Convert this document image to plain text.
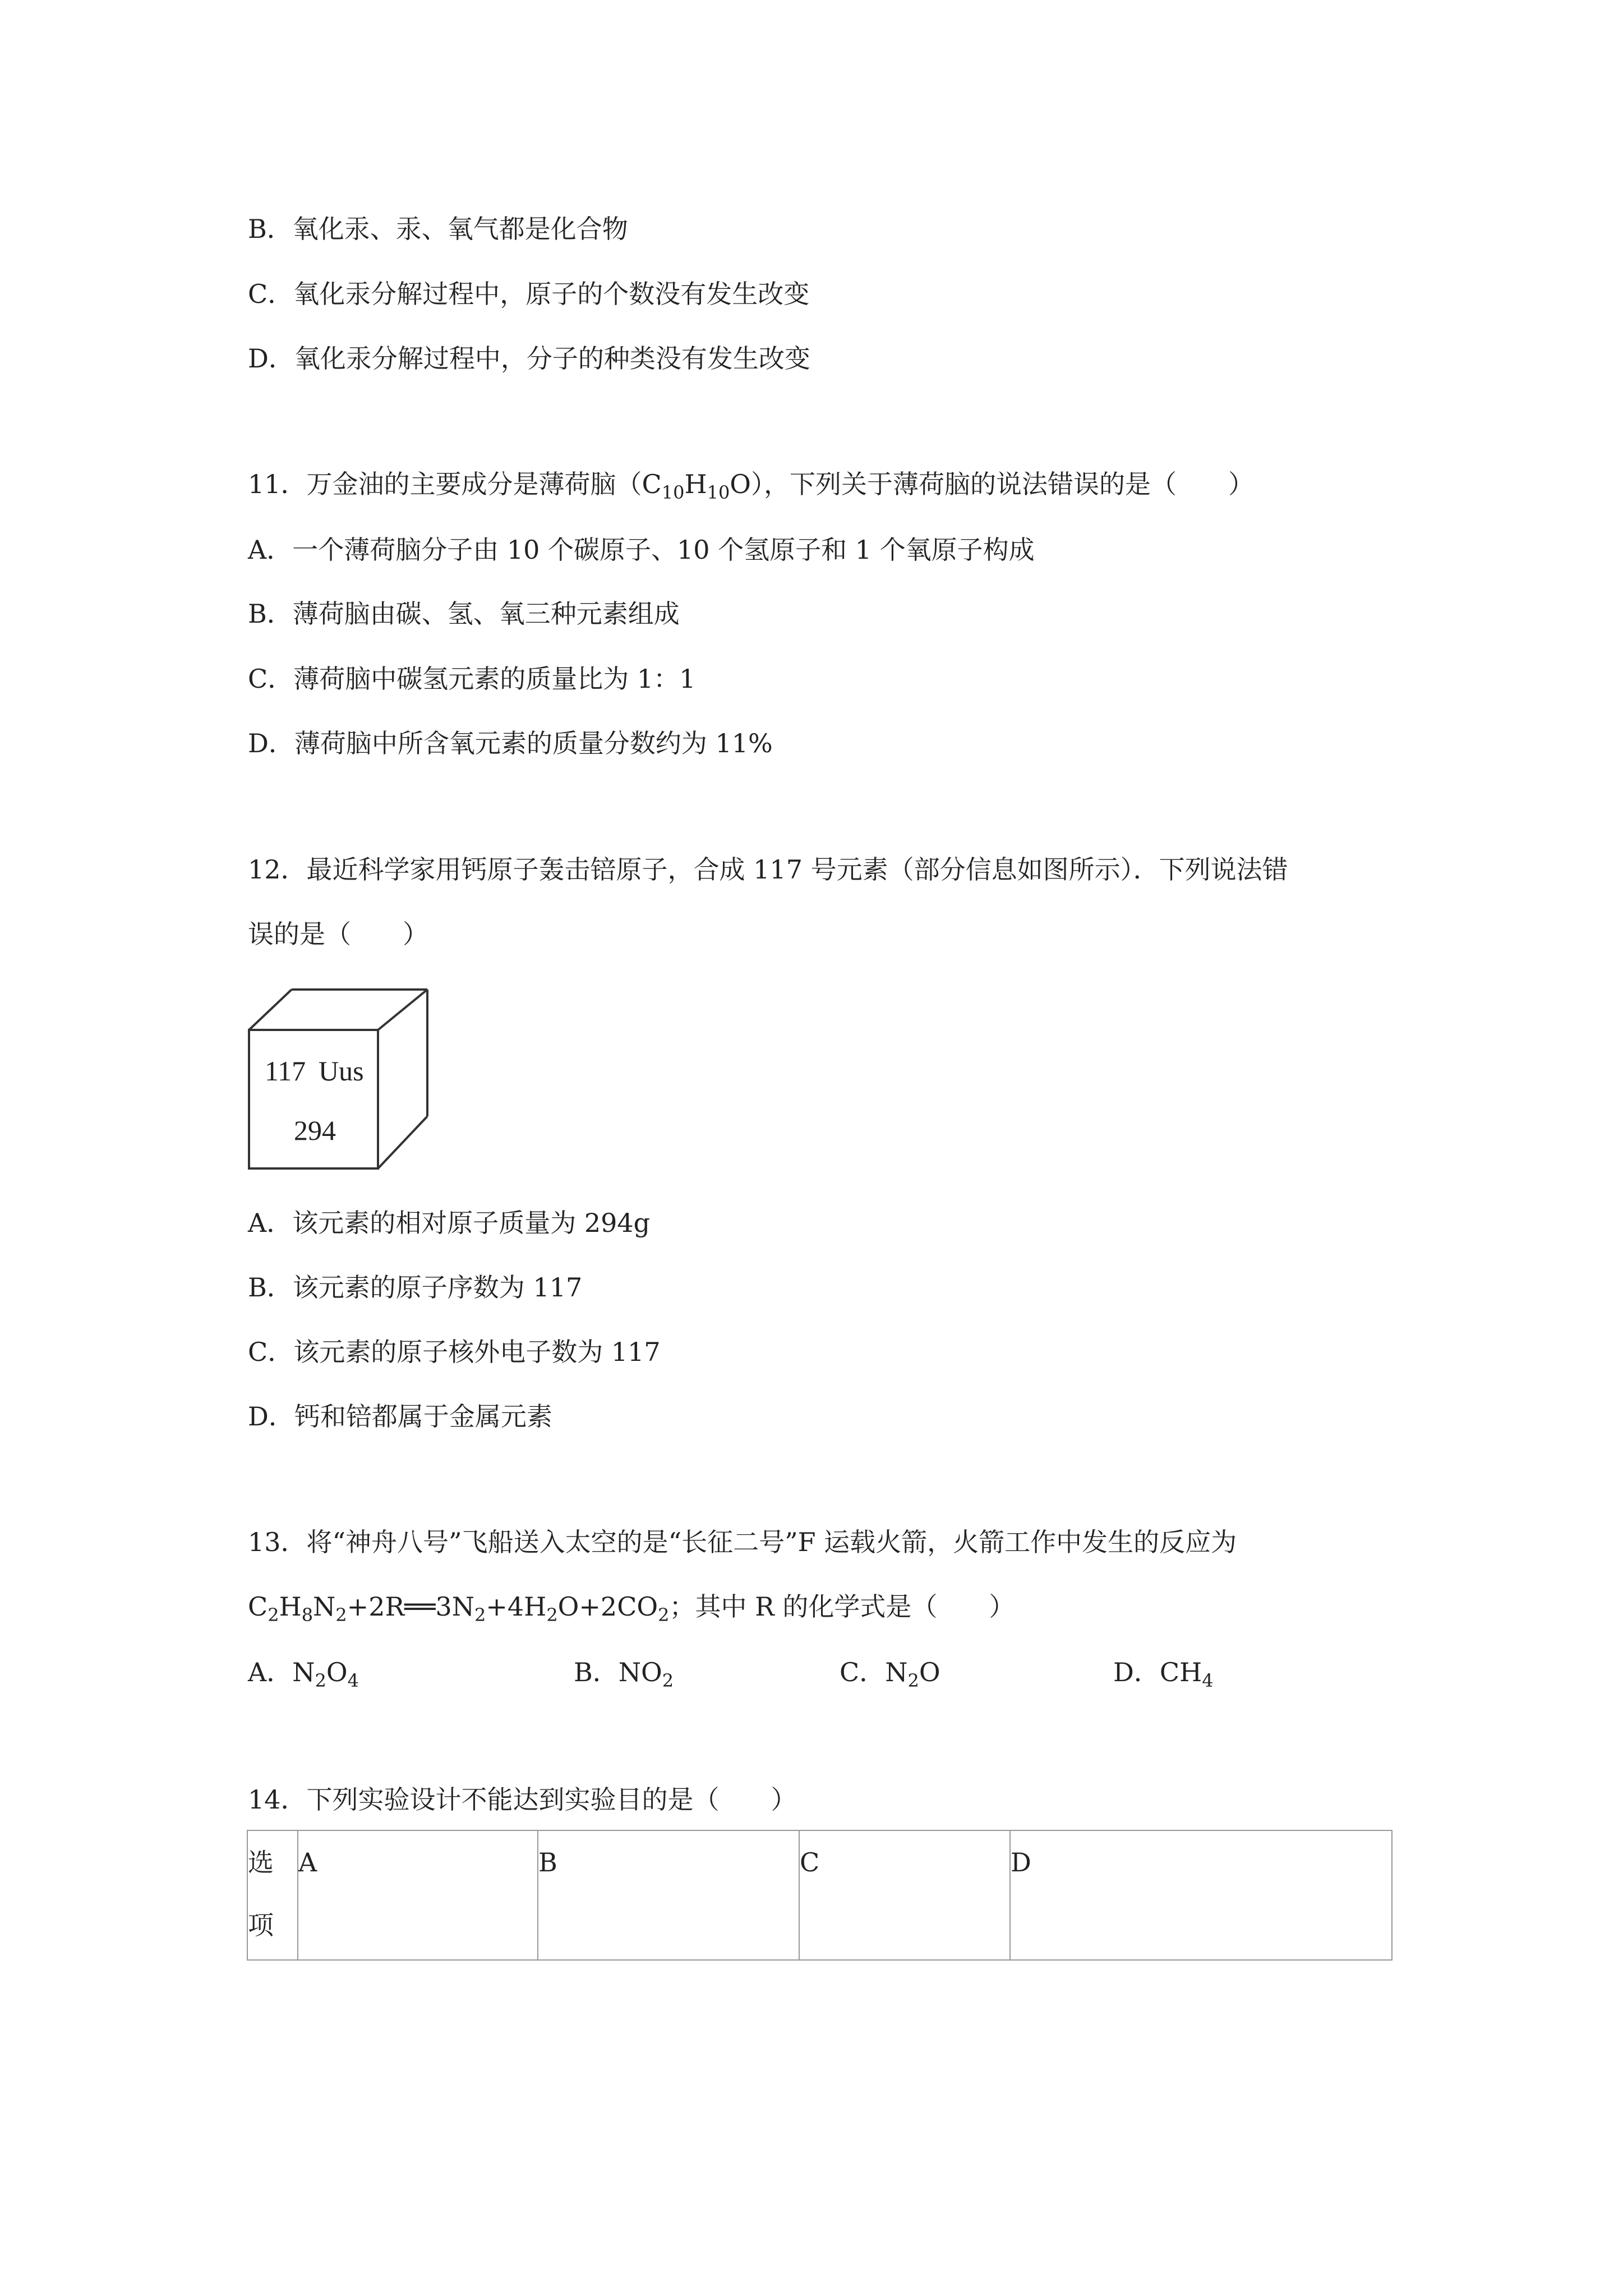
B．氧化汞、汞、氧气都是化合物
C．氧化汞分解过程中，原子的个数没有发生改变
D．氧化汞分解过程中，分子的种类没有发生改变
11．万金油的主要成分是薄荷脑$(C_{10}H_{10}O)$，下列关于薄荷脑的说法错误的是（　　）
A．一个薄荷脑分子由 10 个碳原子、10 个氢原子和 1 个氧原子构成
B．薄荷脑由碳、氢、氧三种元素组成
C．薄荷脑中碳氢元素的质量比为 1：1
D．薄荷脑中所含氧元素的质量分数约为 11%
12．最近科学家用钙原子轰击锫原子，合成 117 号元素（部分信息如图所示）．下列说法错
误的是（　　）
117 Uus
294
A．该元素的相对原子质量为 294g
B．该元素的原子序数为 117
C．该元素的原子核外电子数为 117
D．钙和锫都属于金属元素
13．将“神舟八号”飞船送入太空的是“长征二号”F 运载火箭，火箭工作中发生的反应为
$C_2H_8N_2+2R══3N_2+4H_2O+2CO_2$；其中 R 的化学式是（　　）
A．$N_2O_4$	B．$NO_2$	C．$N_2O$	D．$CH_4$
14．下列实验设计不能达到实验目的是（　　）
选
项
	A	B	C	D
